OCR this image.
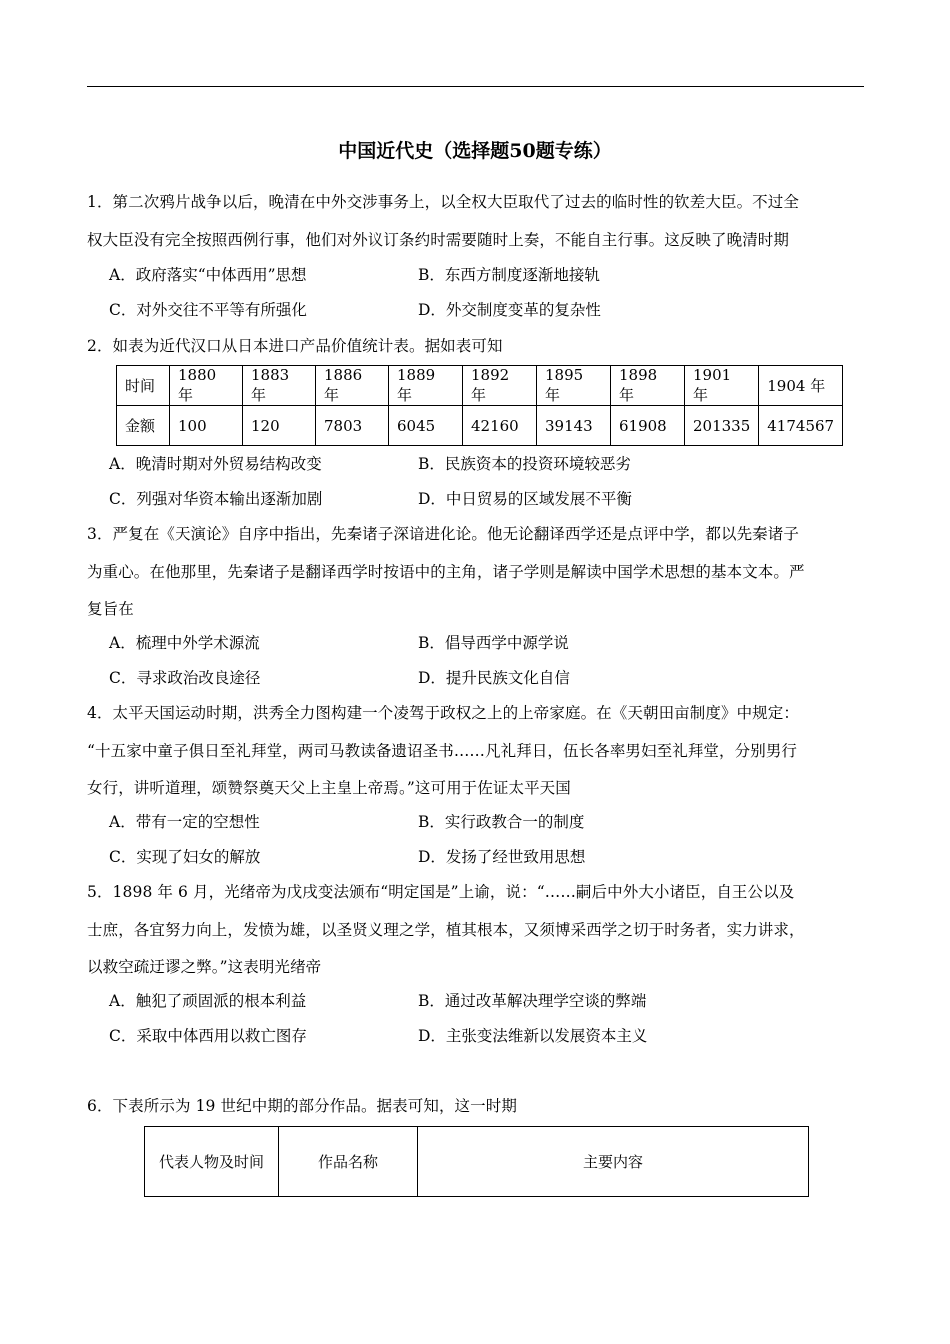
中国近代史（选择题50题专练）
1．第二次鸦片战争以后，晚清在中外交涉事务上，以全权大臣取代了过去的临时性的钦差大臣。不过全
权大臣没有完全按照西例行事，他们对外议订条约时需要随时上奏，不能自主行事。这反映了晚清时期
A．政府落实“中体西用”思想	B．东西方制度逐渐地接轨
C．对外交往不平等有所强化	D．外交制度变革的复杂性
2．如表为近代汉口从日本进口产品价值统计表。据如表可知
时间	1880 年	1883 年	1886 年	1889 年	1892 年	1895 年	1898 年	1901 年	1904 年
金额	100	120	7803	6045	42160	39143	61908	201335	4174567
A．晚清时期对外贸易结构改变	B．民族资本的投资环境较恶劣
C．列强对华资本输出逐渐加剧	D．中日贸易的区域发展不平衡
3．严复在《天演论》自序中指出，先秦诸子深谙进化论。他无论翻译西学还是点评中学，都以先秦诸子
为重心。在他那里，先秦诸子是翻译西学时按语中的主角，诸子学则是解读中国学术思想的基本文本。严
复旨在
A．梳理中外学术源流	B．倡导西学中源学说
C．寻求政治改良途径	D．提升民族文化自信
4．太平天国运动时期，洪秀全力图构建一个凌驾于政权之上的上帝家庭。在《天朝田亩制度》中规定：
“十五家中童子俱日至礼拜堂，两司马教读备遗诏圣书……凡礼拜日，伍长各率男妇至礼拜堂，分别男行
女行，讲听道理，颂赞祭奠天父上主皇上帝焉。”这可用于佐证太平天国
A．带有一定的空想性	B．实行政教合一的制度
C．实现了妇女的解放	D．发扬了经世致用思想
5．1898 年 6 月，光绪帝为戊戌变法颁布“明定国是”上谕，说：“……嗣后中外大小诸臣，自王公以及
士庶，各宜努力向上，发愤为雄，以圣贤义理之学，植其根本，又须博采西学之切于时务者，实力讲求，
以救空疏迂谬之弊。”这表明光绪帝
A．触犯了顽固派的根本利益	B．通过改革解决理学空谈的弊端
C．采取中体西用以救亡图存	D．主张变法维新以发展资本主义
6．下表所示为 19 世纪中期的部分作品。据表可知，这一时期
代表人物及时间	作品名称	主要内容
